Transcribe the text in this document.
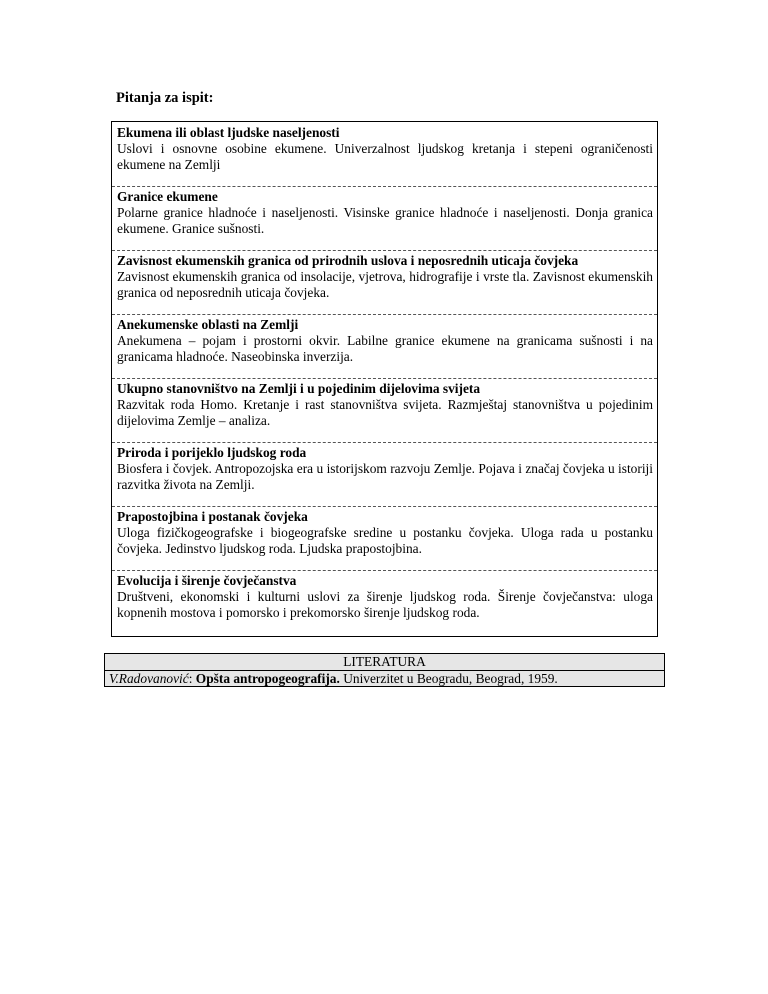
Pitanja za ispit:
Ekumena ili oblast ljudske naseljenosti
Uslovi i osnovne osobine ekumene. Univerzalnost ljudskog kretanja i stepeni ograničenosti ekumene na Zemlji
Granice ekumene
Polarne granice hladnoće i naseljenosti. Visinske granice hladnoće i naseljenosti. Donja granica ekumene. Granice sušnosti.
Zavisnost ekumenskih granica od prirodnih uslova i neposrednih uticaja čovjeka
Zavisnost ekumenskih granica od insolacije, vjetrova, hidrografije i vrste tla. Zavisnost ekumenskih granica od neposrednih uticaja čovjeka.
Anekumenske oblasti na Zemlji
Anekumena – pojam i prostorni okvir. Labilne granice ekumene na granicama sušnosti i na granicama hladnoće. Naseobinska inverzija.
Ukupno stanovništvo na Zemlji i u pojedinim dijelovima svijeta
Razvitak roda Homo. Kretanje i rast stanovništva svijeta. Razmještaj stanovništva u pojedinim dijelovima Zemlje – analiza.
Priroda i porijeklo ljudskog roda
Biosfera i čovjek. Antropozojska era u istorijskom razvoju Zemlje. Pojava i značaj čovjeka u istoriji razvitka života na Zemlji.
Prapostojbina i postanak čovjeka
Uloga fizičkogeografske i biogeografske sredine u postanku čovjeka. Uloga rada u postanku čovjeka. Jedinstvo ljudskog roda. Ljudska prapostojbina.
Evolucija i širenje čovječanstva
Društveni, ekonomski i kulturni uslovi za širenje ljudskog roda. Širenje čovječanstva: uloga kopnenih mostova i pomorsko i prekomorsko širenje ljudskog roda.
LITERATURA
V.Radovanović: Opšta antropogeografija. Univerzitet u Beogradu, Beograd, 1959.
